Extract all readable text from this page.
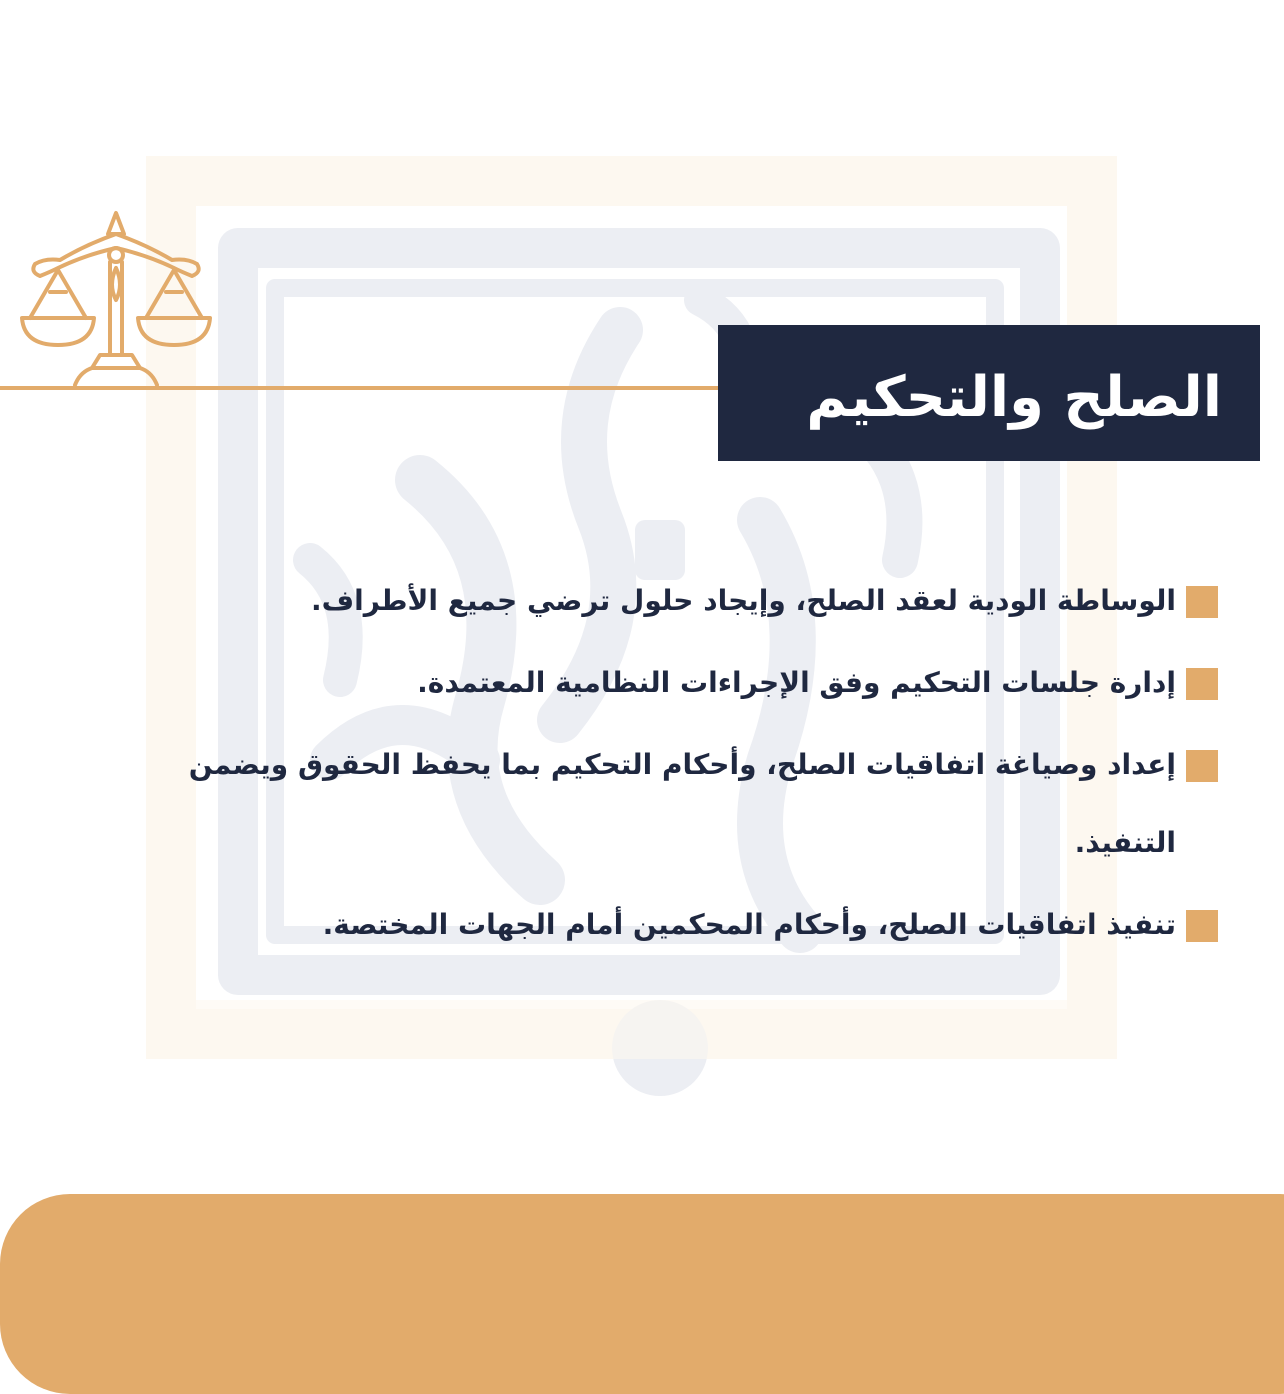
الصلح والتحكيم
الوساطة الودية لعقد الصلح، وإيجاد حلول ترضي جميع الأطراف.
إدارة جلسات التحكيم وفق الإجراءات النظامية المعتمدة.
إعداد وصياغة اتفاقيات الصلح، وأحكام التحكيم بما يحفظ الحقوق ويضمن التنفيذ.
تنفيذ اتفاقيات الصلح، وأحكام المحكمين أمام الجهات المختصة.
